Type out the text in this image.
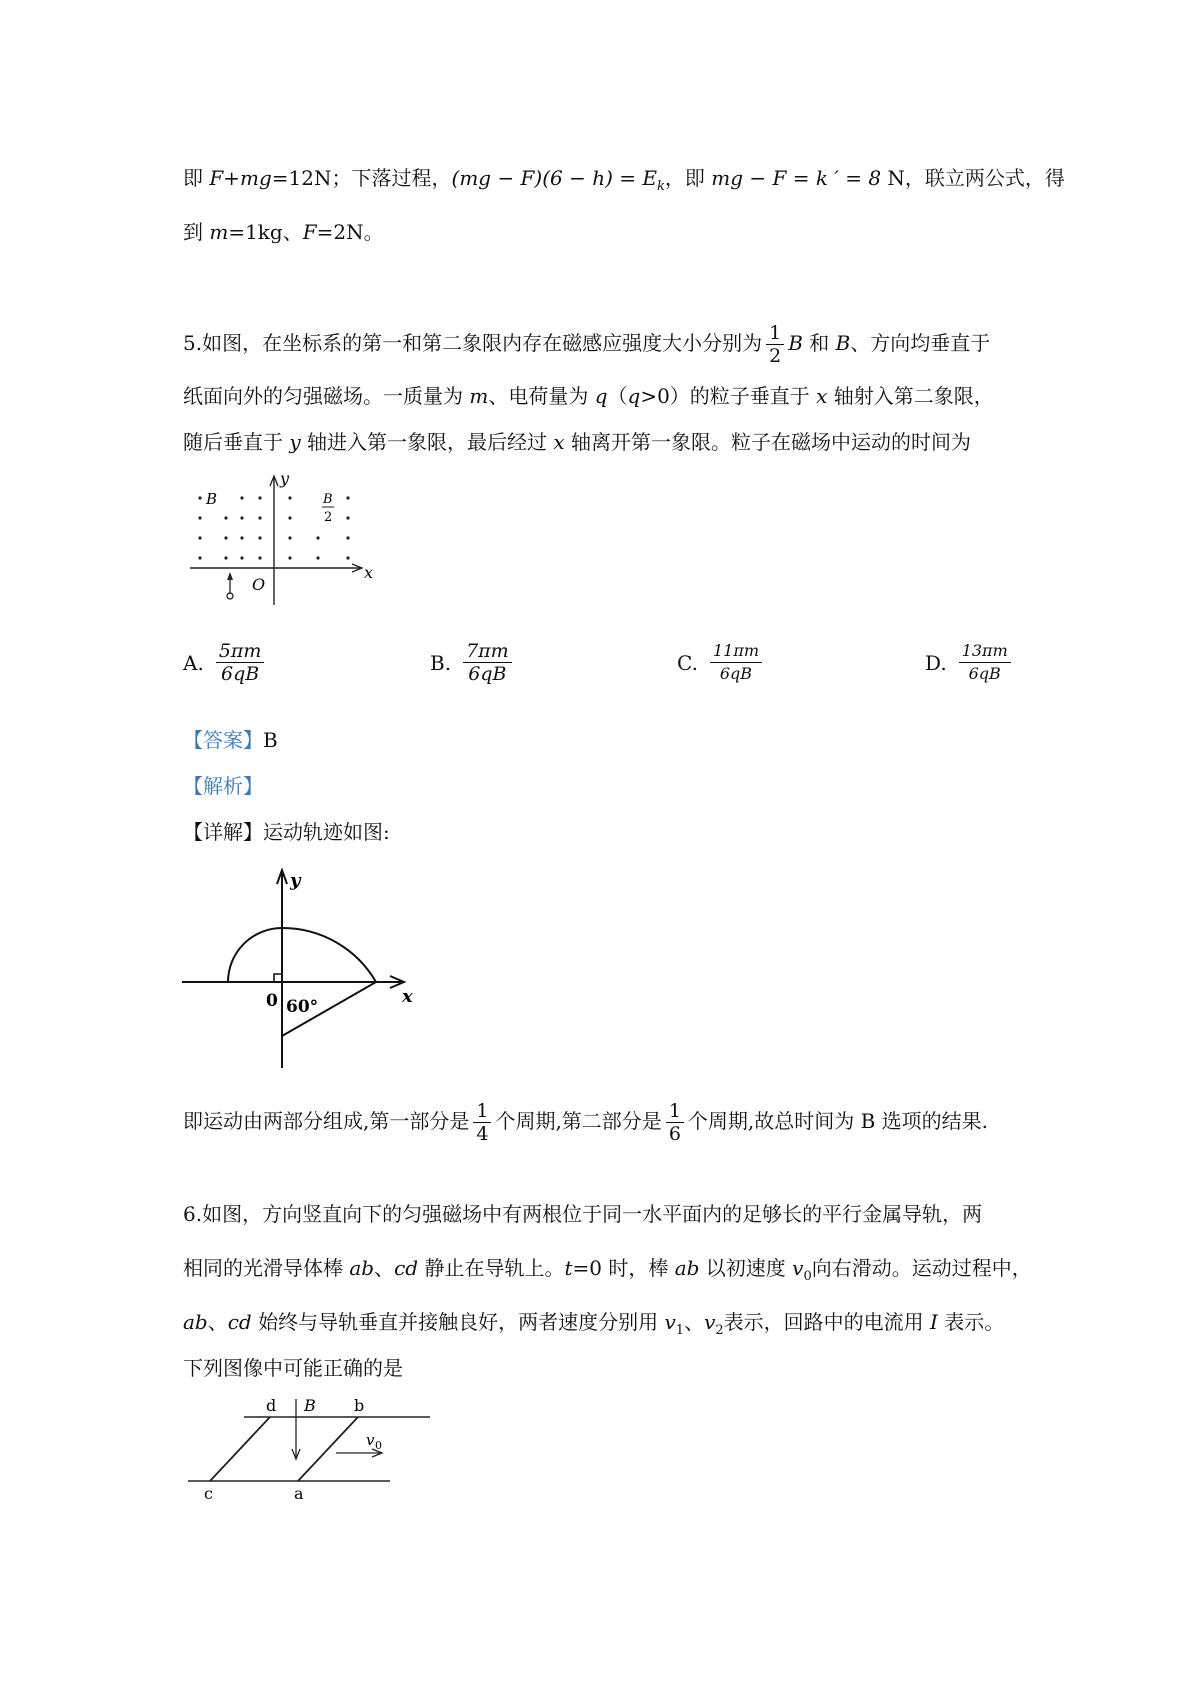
即 F+mg=12N；下落过程，$(mg - F)(6 - h) = E_k$，即 mg − F = k ′ = 8 N，联立两公式，得
到 m=1kg、F=2N。
5.如图，在坐标系的第一和第二象限内存在磁感应强度大小分别为 $\frac{1}{2}$ B 和 B、方向均垂直于
纸面向外的匀强磁场。一质量为 m、电荷量为 q（q>0）的粒子垂直于 x 轴射入第二象限，
随后垂直于 y 轴进入第一象限，最后经过 x 轴离开第一象限。粒子在磁场中运动的时间为
y
x
O
B	B
2
A. $\frac{5\pi m}{6qB}$	B. $\frac{7\pi m}{6qB}$	C. $\frac{11\pi m}{6qB}$	D. $\frac{13\pi m}{6qB}$
【答案】B
【解析】
【详解】运动轨迹如图:
0
y
x
60°
即运动由两部分组成,第一部分是 $\frac{1}{4}$ 个周期,第二部分是 $\frac{1}{6}$ 个周期,故总时间为 B 选项的结果.
6.如图，方向竖直向下的匀强磁场中有两根位于同一水平面内的足够长的平行金属导轨，两
相同的光滑导体棒 ab、cd 静止在导轨上。t=0 时，棒 ab 以初速度 $v_0$向右滑动。运动过程中，
ab、cd 始终与导轨垂直并接触良好，两者速度分别用 $v_1$、$v_2$表示，回路中的电流用 I 表示。
下列图像中可能正确的是
d B b
c	a
v 0
